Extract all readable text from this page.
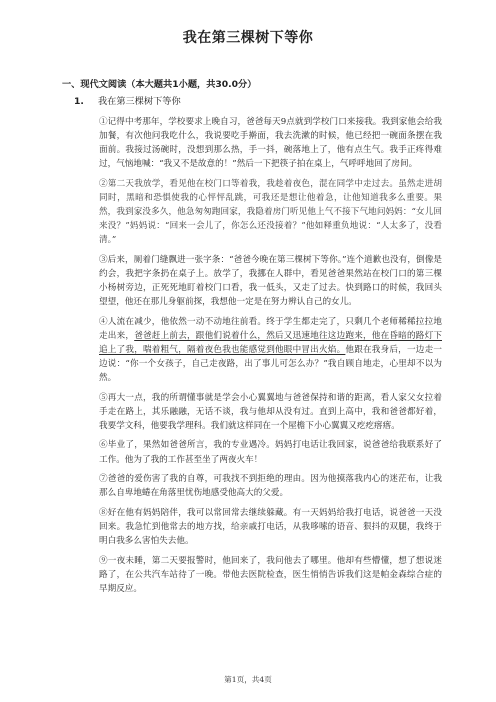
我在第三棵树下等你
一、现代文阅读（本大题共1小题，共30.0分）
1. 我在第三棵树下等你

①记得中考那年，学校要求上晚自习，爸爸每天9点就到学校门口来接我。我到家他会给我加餐，有次他问我吃什么，我说要吃手擀面，我去洗漱的时候，他已经把一碗面条摆在我面前。我接过汤碗时，没想到那么热，手一抖，碗落地上了，他有点生气。我手正疼得难过，气恼地喊：“我又不是故意的！”然后一下把筷子拍在桌上，气呼呼地回了房间。

②第二天我放学，看见他在校门口等着我，我趁着夜色，混在同学中走过去。虽然走进胡同时，黑暗和恐惧使我的心怦怦乱跳，可我还是想让他着急，让他知道我多么重要。果然，我到家没多久，他急匆匆跑回家，我隐着房门听见他上气不接下气地问妈妈：“女儿回来没？”妈妈说：“回来一会儿了，你怎么还没接着？”他如释重负地说：“人太多了，没看清。”

③后来，厕着门缝飘进一张字条：“爸爸今晚在第三棵树下等你。”连个道歉也没有，倒像是约会，我把字条扔在桌子上。放学了，我挪在人群中，看见爸爸果然站在校门口的第三棵小杨树旁边，正死死地盯着校门口看，我一低头，又走了过去。快到路口的时候，我回头望望，他还在那儿身躯前探，我想他一定是在努力辨认自己的女儿。

④人流在减少，他依然一动不动地往前看。终于学生都走完了，只剩几个老师稀稀拉拉地走出来，爸爸赶上前去，跟他们说着什么，然后又迅速地往这边跑来，他在昏暗的路灯下追上了我，喘着粗气，隔着夜色我也能感觉到他眼中冒出火焰。他跟在我身后，一边走一边说：“你一个女孩子，自己走夜路，出了事儿可怎么办？”我自顾自地走，心里却不以为然。

⑤再大一点，我的所谓懂事就是学会小心翼翼地与爸爸保持和谐的距离，看人家父女拉着手走在路上，其乐融融，无话不谈，我与他却从没有过。直到上高中，我和爸爸都好着，我要学文科，他要我学理科。我们就这样同在一个屋檐下小心翼翼又疙疙瘩瘩。

⑥毕业了，果然如爸爸所言，我的专业遇冷。妈妈打电话让我回家，说爸爸给我联系好了工作。他为了我的工作甚至坐了两夜火车！

⑦爸爸的爱伤害了我的自尊，可我找不到拒绝的理由。因为他摸落我内心的迷茫布，让我那么自卑地蜷在角落里忧伤地感受他高大的父爱。

⑧好在他有妈妈陪伴，我可以常回常去继续躲藏。有一天妈妈给我打电话，说爸爸一天没回来。我急忙到他常去的地方找，给亲戚打电话，从我哆嗦的语音、狠抖的双腿，我终于明白我多么害怕失去他。

⑨一夜未睡，第二天要报警时，他回来了，我问他去了哪里。他却有些懵懂，想了想说迷路了，在公共汽车站待了一晚。带他去医院检查，医生悄悄告诉我们这是帕金森综合症的早期反应。

第1页，共4页
